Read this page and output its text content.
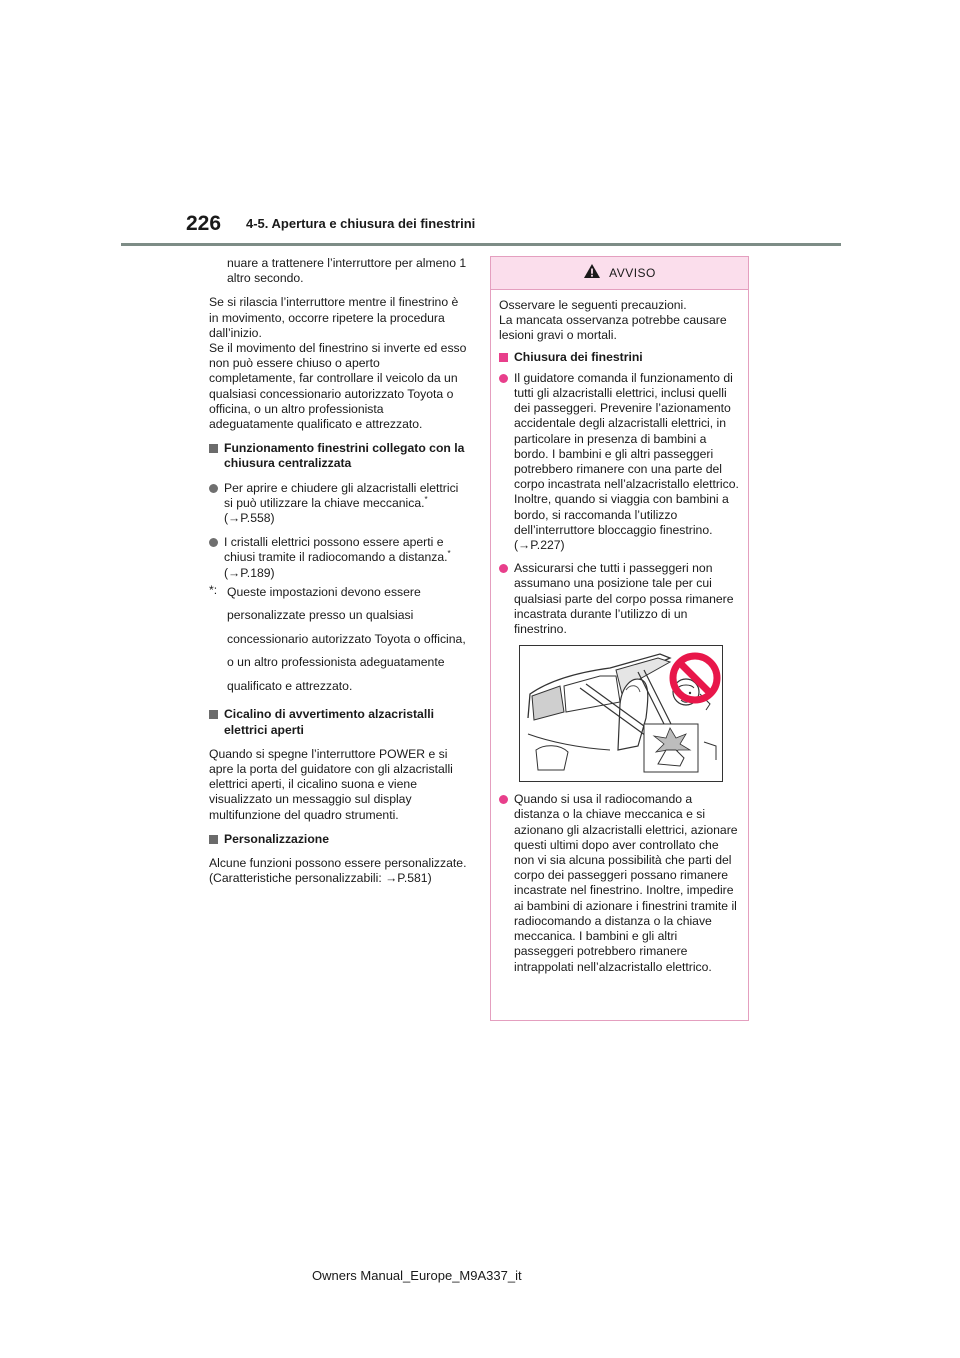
226 4-5. Apertura e chiusura dei finestrini

nuare a trattenere l’interruttore per almeno 1 altro secondo.

Se si rilascia l’interruttore mentre il finestrino è in movimento, occorre ripetere la procedura dall’inizio.

Se il movimento del finestrino si inverte ed esso non può essere chiuso o aperto completamente, far controllare il veicolo da un qualsiasi concessionario autorizzato Toyota o officina, o un altro professionista adeguatamente qualificato e attrezzato.

Funzionamento finestrini collegato con la chiusura centralizzata
Per aprire e chiudere gli alzacristalli elettrici si può utilizzare la chiave meccanica.*
(→P.558)
I cristalli elettrici possono essere aperti e chiusi tramite il radiocomando a distanza.*
(→P.189)
*: Queste impostazioni devono essere personalizzate presso un qualsiasi concessionario autorizzato Toyota o officina, o un altro professionista adeguatamente qualificato e attrezzato.
Cicalino di avvertimento alzacristalli elettrici aperti

Quando si spegne l’interruttore POWER e si apre la porta del guidatore con gli alzacristalli elettrici aperti, il cicalino suona e viene visualizzato un messaggio sul display multifunzione del quadro strumenti.

Personalizzazione

Alcune funzioni possono essere personalizzate. (Caratteristiche personalizzabili: →P.581)

AVVISO

Osservare le seguenti precauzioni.

La mancata osservanza potrebbe causare lesioni gravi o mortali.

Chiusura dei finestrini
Il guidatore comanda il funzionamento di tutti gli alzacristalli elettrici, inclusi quelli dei passeggeri. Prevenire l’azionamento accidentale degli alzacristalli elettrici, in particolare in presenza di bambini a bordo. I bambini e gli altri passeggeri potrebbero rimanere con una parte del corpo incastrata nell’alzacristallo elettrico. Inoltre, quando si viaggia con bambini a bordo, si raccomanda l’utilizzo dell’interruttore bloccaggio finestrino. (→P.227)
Assicurarsi che tutti i passeggeri non assumano una posizione tale per cui qualsiasi parte del corpo possa rimanere incastrata durante l’utilizzo di un finestrino.
Quando si usa il radiocomando a distanza o la chiave meccanica e si azionano gli alzacristalli elettrici, azionare questi ultimi dopo aver controllato che non vi sia alcuna possibilità che parti del corpo dei passeggeri possano rimanere incastrate nel finestrino. Inoltre, impedire ai bambini di azionare i finestrini tramite il radiocomando a distanza o la chiave meccanica. I bambini e gli altri passeggeri potrebbero rimanere intrappolati nell’alzacristallo elettrico.
Owners Manual_Europe_M9A337_it
